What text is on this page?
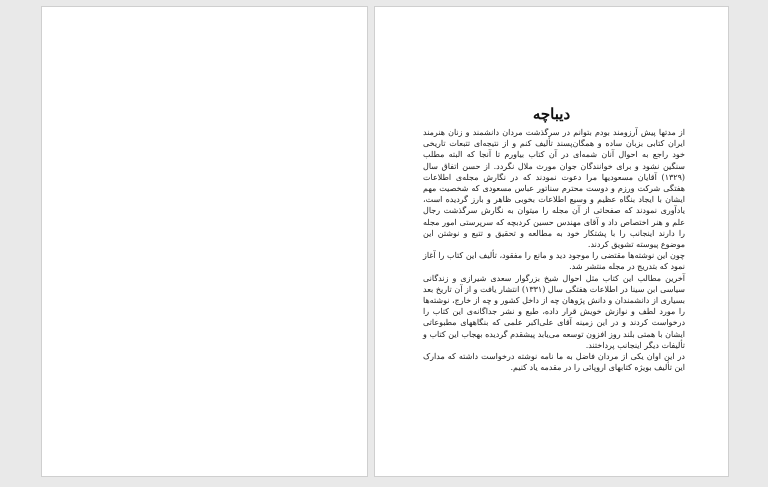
دیباچه

از مدتها پیش آرزومند بودم بتوانم در سرگذشت مردان دانشمند و زنان هنرمند ایران کتابی بزبان ساده و همگان‌پسند تألیف کنم و از نتیجه‌ای تتبعات تاریخی خود راجع به احوال آنان شمه‌ای در آن کتاب بیاورم تا آنجا که البته مطلب سنگین نشود و برای خوانندگان جوان مورث ملال نگردد. از حسن اتفاق سال (۱۳۲۹) آقایان مسعودیها مرا دعوت نمودند که در نگارش مجله‌ی اطلاعات هفتگی شرکت ورزم و دوست محترم سناتور عباس مسعودی که شخصیت مهم ایشان با ایجاد بنگاه عظیم و وسیع اطلاعات بخوبی ظاهر و بارز گردیده است، یادآوری نمودند که صفحاتی از آن مجله را میتوان به نگارش سرگذشت رجال علم و هنر اختصاص داد و آقای مهندس حسین کردبچه که سرپرستی امور مجله را دارند اینجانب را با پشتکار خود به مطالعه و تحقیق و تتبع و نوشتن این موضوع پیوسته تشویق کردند.

چون این نوشته‌ها مقتضی را موجود دید و مانع را مفقود، تألیف این کتاب را آغاز نمود که بتدریج در مجله منتشر شد.

آخرین مطالب این کتاب مثل احوال شیخ بزرگوار سعدی شیرازی و زندگانی سیاسی ابن سینا در اطلاعات هفتگی سال (۱۳۳۱) انتشار یافت و از آن تاریخ بعد بسیاری از دانشمندان و دانش پژوهان چه از داخل کشور و چه از خارج، نوشته‌ها را مورد لطف و نوازش خویش قرار داده، طبع و نشر جداگانه‌ی این کتاب را درخواست کردند و در این زمینه آقای علی‌اکبر علمی که بنگاههای مطبوعاتی ایشان با همتی بلند روز افزون توسعه می‌یابد پیشقدم گردیده بهجاب این کتاب و تألیفات دیگر اینجانب پرداختند.

در این اوان یکی از مردان فاضل به ما نامه نوشته درخواست داشته که مدارک این تألیف بویژه کتابهای اروپائی را در مقدمه یاد کنیم.
